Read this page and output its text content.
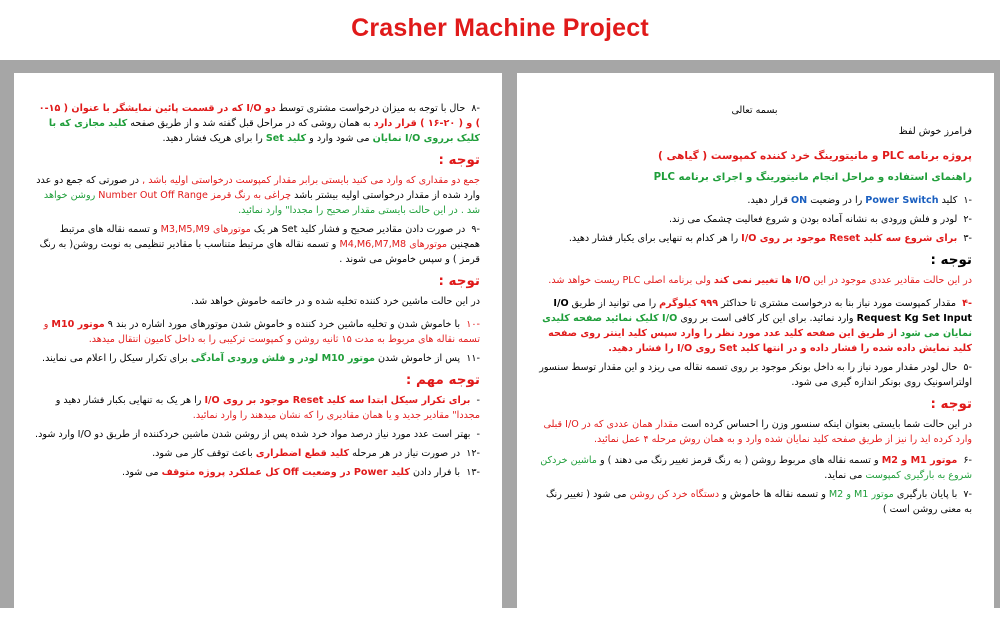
Crasher Machine Project

-۸  حال با توجه به میزان درخواست مشتری توسط دو I/O که در قسمت پائین نمایشگر با عنوان ( ۱۵-۰ ) و ( ۲۰-۱۶ ) قرار دارد به همان روشی که در مراحل قبل گفته شد و از طریق صفحه کلید مجازی که با کلیک برروی I/O نمایان می شود وارد و کلید Set را برای هریک فشار دهید.

توجه :

جمع دو مقداری که وارد می کنید بایستی برابر مقدار کمپوست درخواستی اولیه باشد , در صورتی که جمع دو عدد وارد شده از مقدار درخواستی اولیه بیشتر باشد چراغی به رنگ قرمز Number Out Off Range روشن خواهد شد . در این حالت بایستی مقدار صحیح را مجددا" وارد نمائید.

-۹  در صورت دادن مقادیر صحیح و فشار کلید Set هر یک موتورهای M3,M5,M9 و تسمه نقاله های مرتبط همچنین موتورهای M4,M6,M7,M8 و تسمه نقاله های مرتبط متناسب با مقادیر تنظیمی به نوبت روشن( به رنگ قرمز ) و سپس خاموش می شوند .

توجه :

در این حالت ماشین خرد کننده تخلیه شده و در خاتمه خاموش خواهد شد.

-۱۰  با خاموش شدن و تخلیه ماشین خرد کننده و خاموش شدن موتورهای مورد اشاره در بند ۹ موتور M10 و تسمه نقاله های مربوط به مدت ۱۵ ثانیه روشن و کمپوست ترکیبی را به داخل کامیون انتقال میدهد.

-۱۱  پس از خاموش شدن موتور M10 لودر و فلش ورودی آمادگی برای تکرار سیکل را اعلام می نمایند.

توجه مهم :

-  برای تکرار سیکل ابتدا سه کلید Reset موجود بر روی I/O را هر یک به تنهایی بکبار فشار دهید و مجددا" مقادیر جدید و یا همان مقادیری را که نشان میدهند را وارد نمائید.

-  بهتر است عدد مورد نیاز درصد مواد خرد شده پس از روشن شدن ماشین خردکننده از طریق دو I/O وارد شود.

-۱۲  در صورت نیاز در هر مرحله کلید قطع اضطراری باعث توقف کار می شود.

-۱۳  با فرار دادن کلید Power در وضعیت Off کل عملکرد پروژه متوقف می شود.

بسمه تعالی

فرامرز خوش لفظ

پروژه برنامه PLC و مانیتورینگ خرد کننده کمپوست ( گیاهی )

راهنمای استفاده و مراحل انجام مانیتورینگ و اجرای برنامه PLC

-۱  کلید Power Switch را در وضعیت ON قرار دهید.

-۲  لودر و فلش ورودی به نشانه آماده بودن و شروع فعالیت چشمک می زند.

-۳  برای شروع سه کلید Reset موجود بر روی I/O را هر کدام به تنهایی برای یکبار فشار دهید.

توجه :

در این حالت مقادیر عددی موجود در این I/O ها تغییر نمی کند ولی برنامه اصلی PLC ریست خواهد شد.

-۴  مقدار کمپوست مورد نیاز بنا به درخواست مشتری تا حداکثر ۹۹۹ کیلوگرم را می توانید از طریق I/O Request Kg Set Input وارد نمائید. برای این کار کافی است بر روی I/O کلیک نمائید صفحه کلیدی نمایان می شود از طریق این صفحه کلید عدد مورد نظر را وارد سپس کلید اینتر روی صفحه کلید نمایش داده شده را فشار داده و در انتها کلید Set روی I/O را فشار دهید.

-۵  حال لودر مقدار مورد نیاز را به داخل بونکر موجود بر روی تسمه نقاله می ریزد و این مقدار توسط سنسور اولتراسونیک روی بونکر اندازه گیری می شود.

توجه :

در این حالت شما بایستی بعنوان اینکه سنسور وزن را احساس کرده است مقدار همان عددی که در I/O قبلی وارد کرده اید را نیز از طریق صفحه کلید نمایان شده وارد و به همان روش مرحله ۴ عمل نمائید.

-۶  موتور M1 و M2 و تسمه نقاله های مربوط روشن ( به رنگ قرمز تغییر رنگ می دهند ) و ماشین خردکن شروع به بارگیری کمپوست می نماید.

-۷  با پایان بارگیری موتور M1 و M2 و تسمه نقاله ها خاموش و دستگاه خرد کن روشن می شود ( تغییر رنگ به معنی روشن است )
